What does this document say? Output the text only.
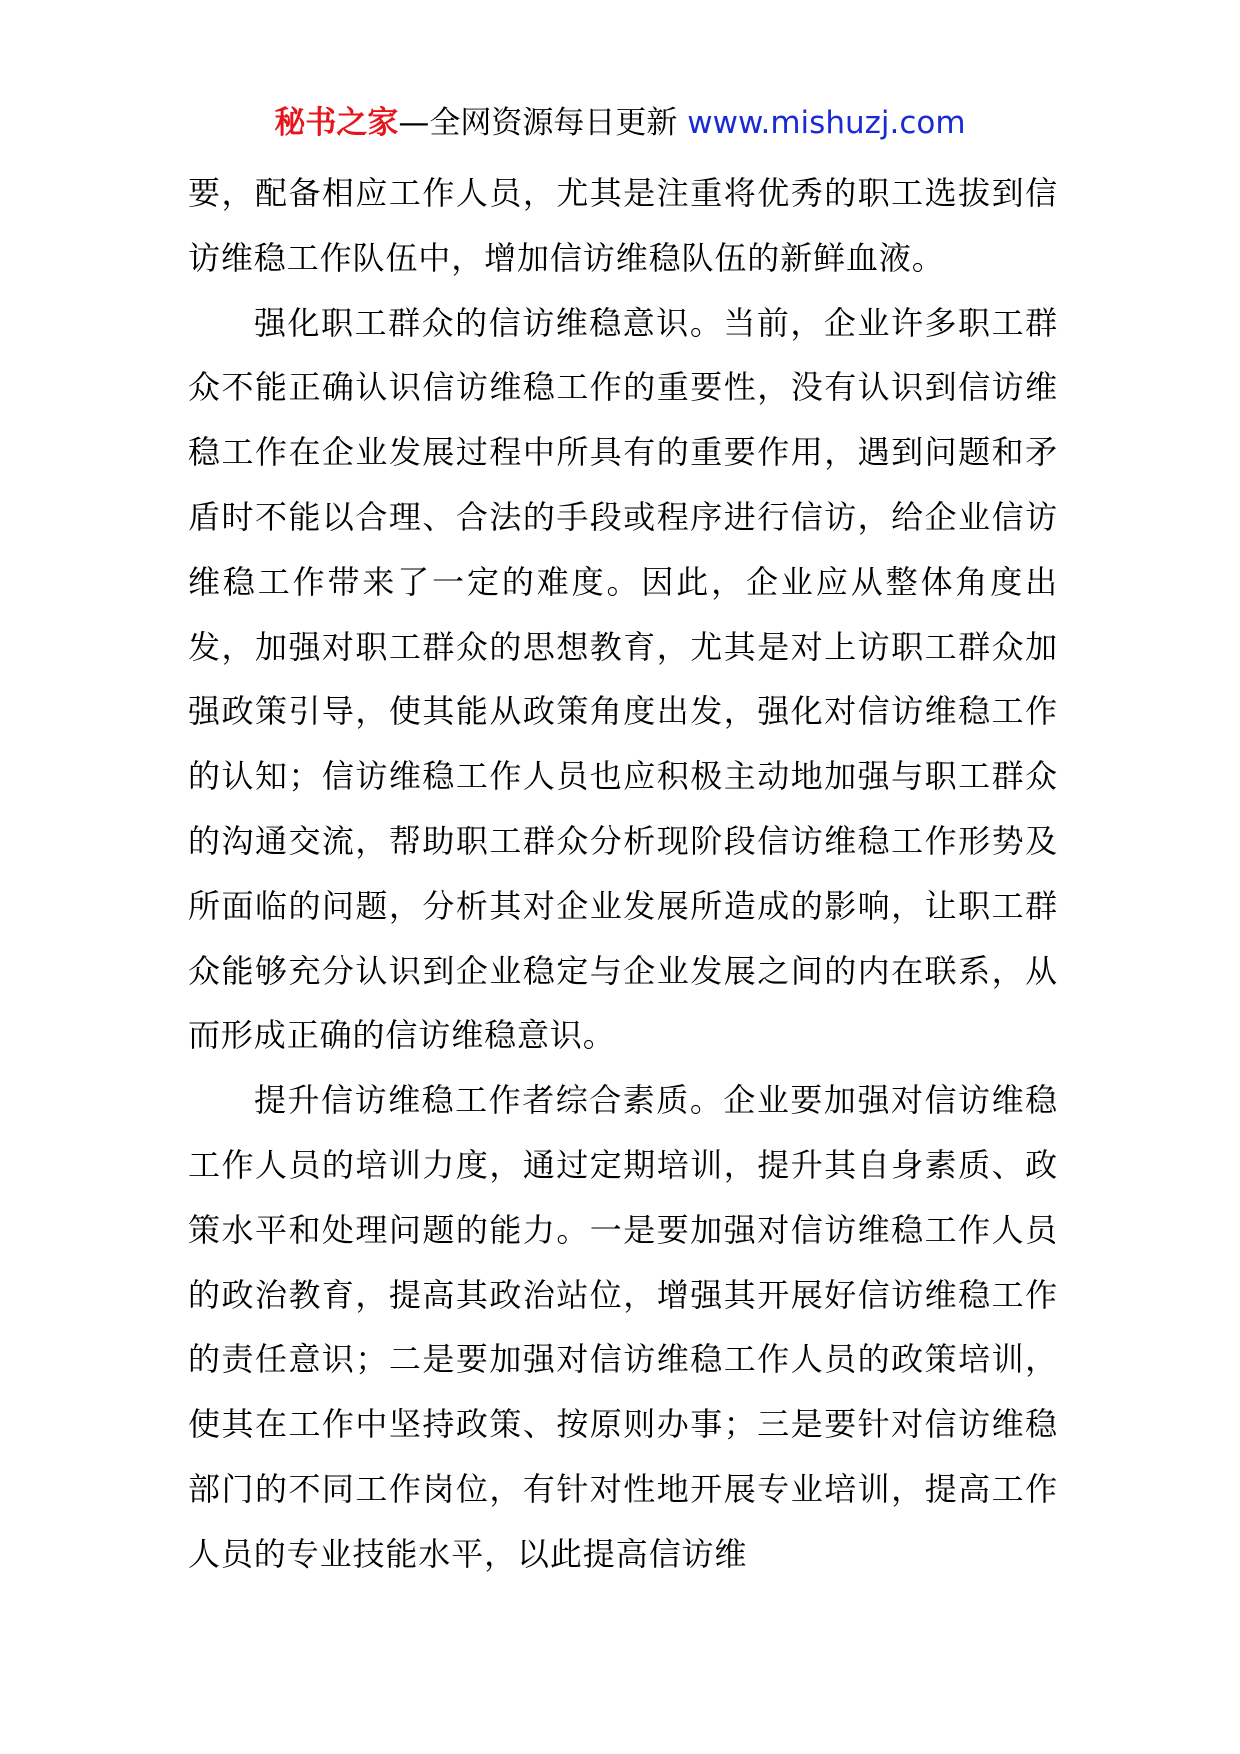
秘书之家—全网资源每日更新 www.mishuzj.com

要，配备相应工作人员，尤其是注重将优秀的职工选拔到信访维稳工作队伍中，增加信访维稳队伍的新鲜血液。

强化职工群众的信访维稳意识。当前，企业许多职工群众不能正确认识信访维稳工作的重要性，没有认识到信访维稳工作在企业发展过程中所具有的重要作用，遇到问题和矛盾时不能以合理、合法的手段或程序进行信访，给企业信访维稳工作带来了一定的难度。因此，企业应从整体角度出发，加强对职工群众的思想教育，尤其是对上访职工群众加强政策引导，使其能从政策角度出发，强化对信访维稳工作的认知；信访维稳工作人员也应积极主动地加强与职工群众的沟通交流，帮助职工群众分析现阶段信访维稳工作形势及所面临的问题，分析其对企业发展所造成的影响，让职工群众能够充分认识到企业稳定与企业发展之间的内在联系，从而形成正确的信访维稳意识。

提升信访维稳工作者综合素质。企业要加强对信访维稳工作人员的培训力度，通过定期培训，提升其自身素质、政策水平和处理问题的能力。一是要加强对信访维稳工作人员的政治教育，提高其政治站位，增强其开展好信访维稳工作的责任意识；二是要加强对信访维稳工作人员的政策培训，使其在工作中坚持政策、按原则办事；三是要针对信访维稳部门的不同工作岗位，有针对性地开展专业培训，提高工作人员的专业技能水平，以此提高信访维
